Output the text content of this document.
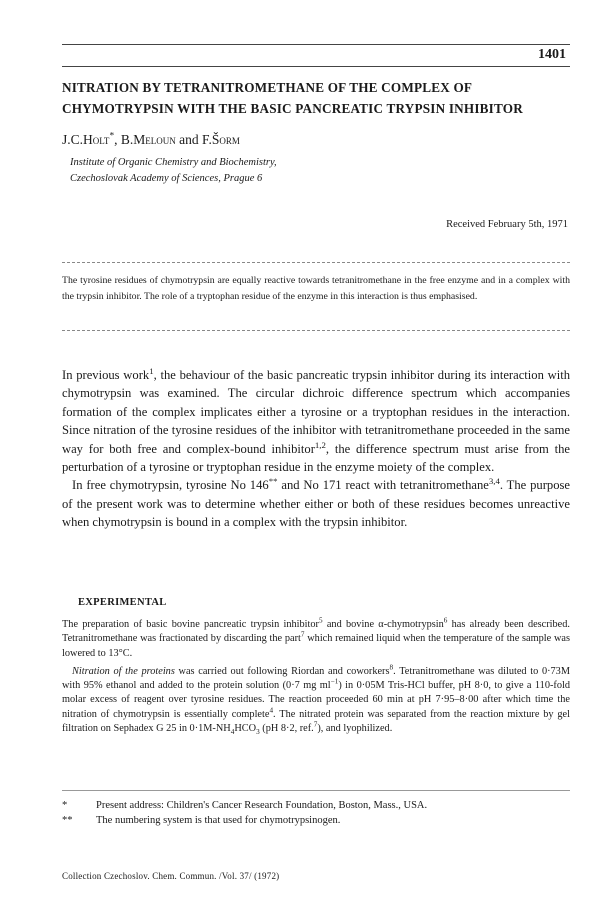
1401
NITRATION BY TETRANITROMETHANE OF THE COMPLEX OF
CHYMOTRYPSIN WITH THE BASIC PANCREATIC TRYPSIN INHIBITOR
J.C.Holt*, B.Meloun and F.Šorm
Institute of Organic Chemistry and Biochemistry,
Czechoslovak Academy of Sciences, Prague 6
Received February 5th, 1971
The tyrosine residues of chymotrypsin are equally reactive towards tetranitromethane in the free enzyme and in a complex with the trypsin inhibitor. The role of a tryptophan residue of the enzyme in this interaction is thus emphasised.

In previous work$^1$, the behaviour of the basic pancreatic trypsin inhibitor during its interaction with chymotrypsin was examined. The circular dichroic difference spectrum which accompanies formation of the complex implicates either a tyrosine or a tryptophan residues in the interaction. Since nitration of the tyrosine residues of the inhibitor with tetranitromethane proceeded in the same way for both free and complex-bound inhibitor$^{1,2}$, the difference spectrum must arise from the perturbation of a tyrosine or tryptophan residue in the enzyme moiety of the complex.

In free chymotrypsin, tyrosine No 146** and No 171 react with tetranitromethane$^{3,4}$. The purpose of the present work was to determine whether either or both of these residues becomes unreactive when chymotrypsin is bound in a complex with the trypsin inhibitor.

EXPERIMENTAL

The preparation of basic bovine pancreatic trypsin inhibitor$^5$ and bovine α-chymotrypsin$^6$ has already been described. Tetranitromethane was fractionated by discarding the part$^7$ which remained liquid when the temperature of the sample was lowered to 13°C.

Nitration of the proteins was carried out following Riordan and coworkers$^8$. Tetranitromethane was diluted to 0·73M with 95% ethanol and added to the protein solution (0·7 mg $ml^{-1}$) in 0·05M Tris-HCl buffer, pH 8·0, to give a 110-fold molar excess of reagent over tyrosine residues. The reaction proceeded 60 min at pH 7·95–8·00 after which time the nitration of chymotrypsin is essentially complete$^4$. The nitrated protein was separated from the reaction mixture by gel filtration on Sephadex G 25 in $0\cdot 1M-NH_4HCO_3$ (pH 8·2, ref.$^7$), and lyophilized.

*	Present address: Children's Cancer Research Foundation, Boston, Mass., USA.
** The numbering system is that used for chymotrypsinogen.
Collection Czechoslov. Chem. Commun. /Vol. 37/ (1972)
